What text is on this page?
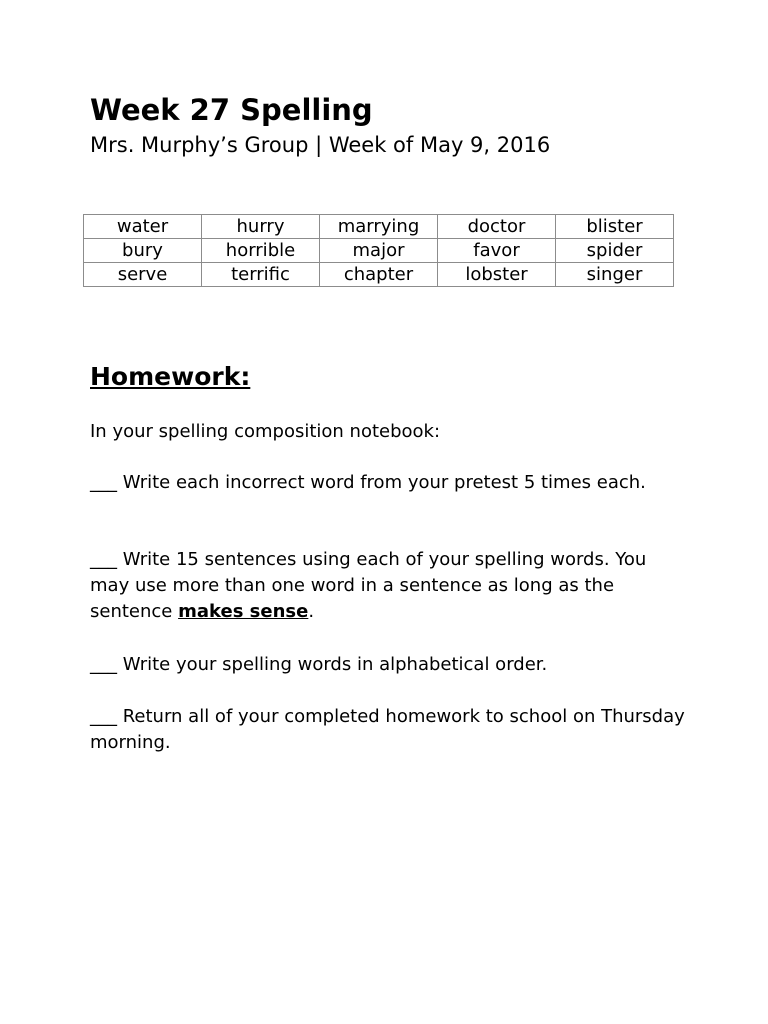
Week 27 Spelling
Mrs. Murphy’s Group | Week of May 9, 2016
water	hurry	marrying	doctor	blister
bury	horrible	major	favor	spider
serve	terrific	chapter	lobster	singer
Homework:
In your spelling composition notebook:
___ Write each incorrect word from your pretest 5 times each.
___ Write 15 sentences using each of your spelling words. You may use more than one word in a sentence as long as the sentence makes sense.
___ Write your spelling words in alphabetical order.
___ Return all of your completed homework to school on Thursday morning.
